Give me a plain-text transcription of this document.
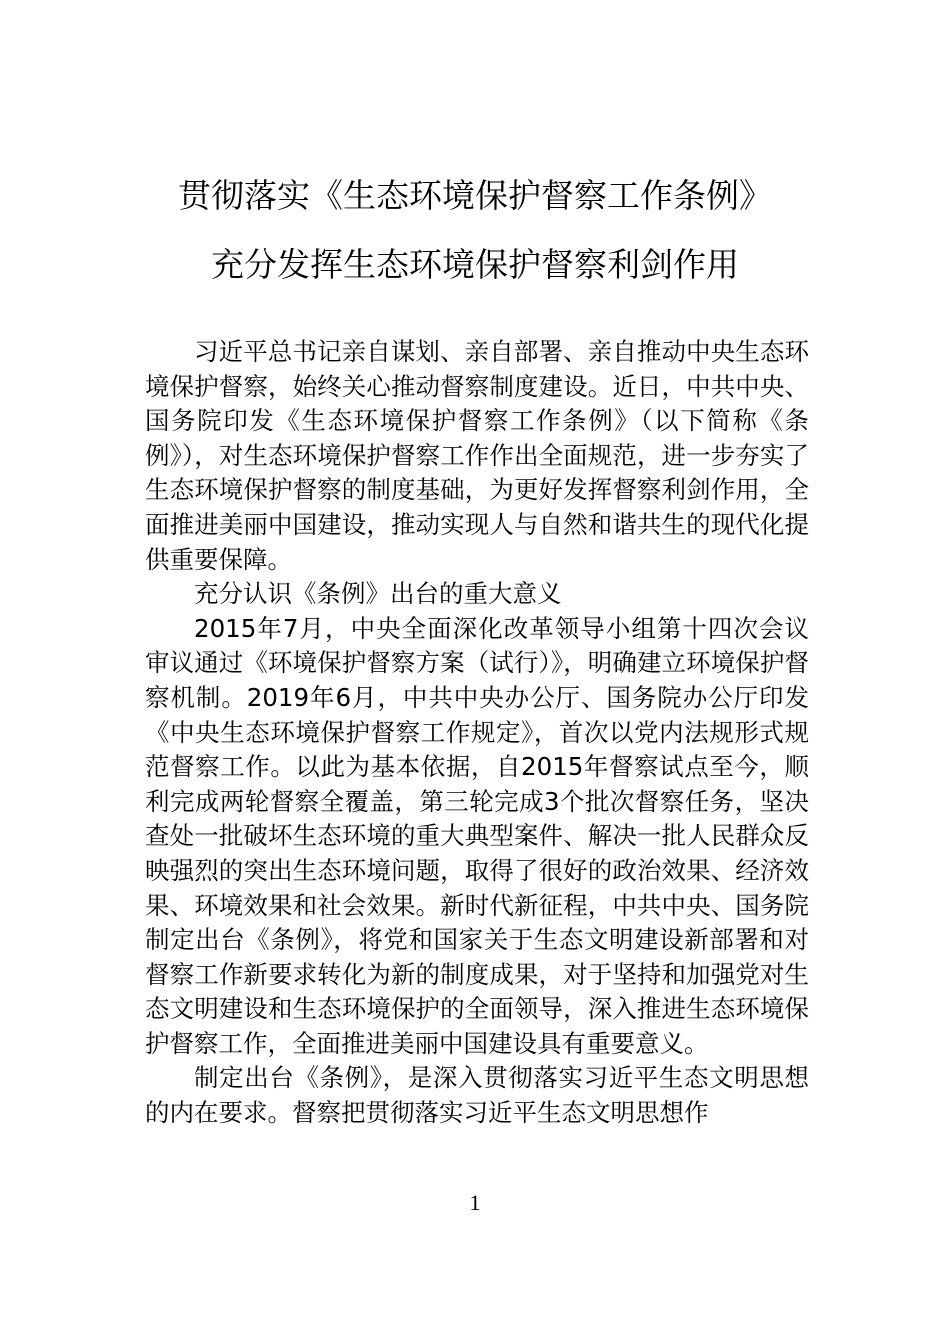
贯彻落实《生态环境保护督察工作条例》
充分发挥生态环境保护督察利剑作用

习近平总书记亲自谋划、亲自部署、亲自推动中央生态环境保护督察，始终关心推动督察制度建设。近日，中共中央、国务院印发《生态环境保护督察工作条例》（以下简称《条例》），对生态环境保护督察工作作出全面规范，进一步夯实了生态环境保护督察的制度基础，为更好发挥督察利剑作用，全面推进美丽中国建设，推动实现人与自然和谐共生的现代化提供重要保障。

充分认识《条例》出台的重大意义

2015年7月，中央全面深化改革领导小组第十四次会议审议通过《环境保护督察方案（试行）》，明确建立环境保护督察机制。2019年6月，中共中央办公厅、国务院办公厅印发《中央生态环境保护督察工作规定》，首次以党内法规形式规范督察工作。以此为基本依据，自2015年督察试点至今，顺利完成两轮督察全覆盖，第三轮完成3个批次督察任务，坚决查处一批破坏生态环境的重大典型案件、解决一批人民群众反映强烈的突出生态环境问题，取得了很好的政治效果、经济效果、环境效果和社会效果。新时代新征程，中共中央、国务院制定出台《条例》，将党和国家关于生态文明建设新部署和对督察工作新要求转化为新的制度成果，对于坚持和加强党对生态文明建设和生态环境保护的全面领导，深入推进生态环境保护督察工作，全面推进美丽中国建设具有重要意义。

制定出台《条例》，是深入贯彻落实习近平生态文明思想的内在要求。督察把贯彻落实习近平生态文明思想作

1
